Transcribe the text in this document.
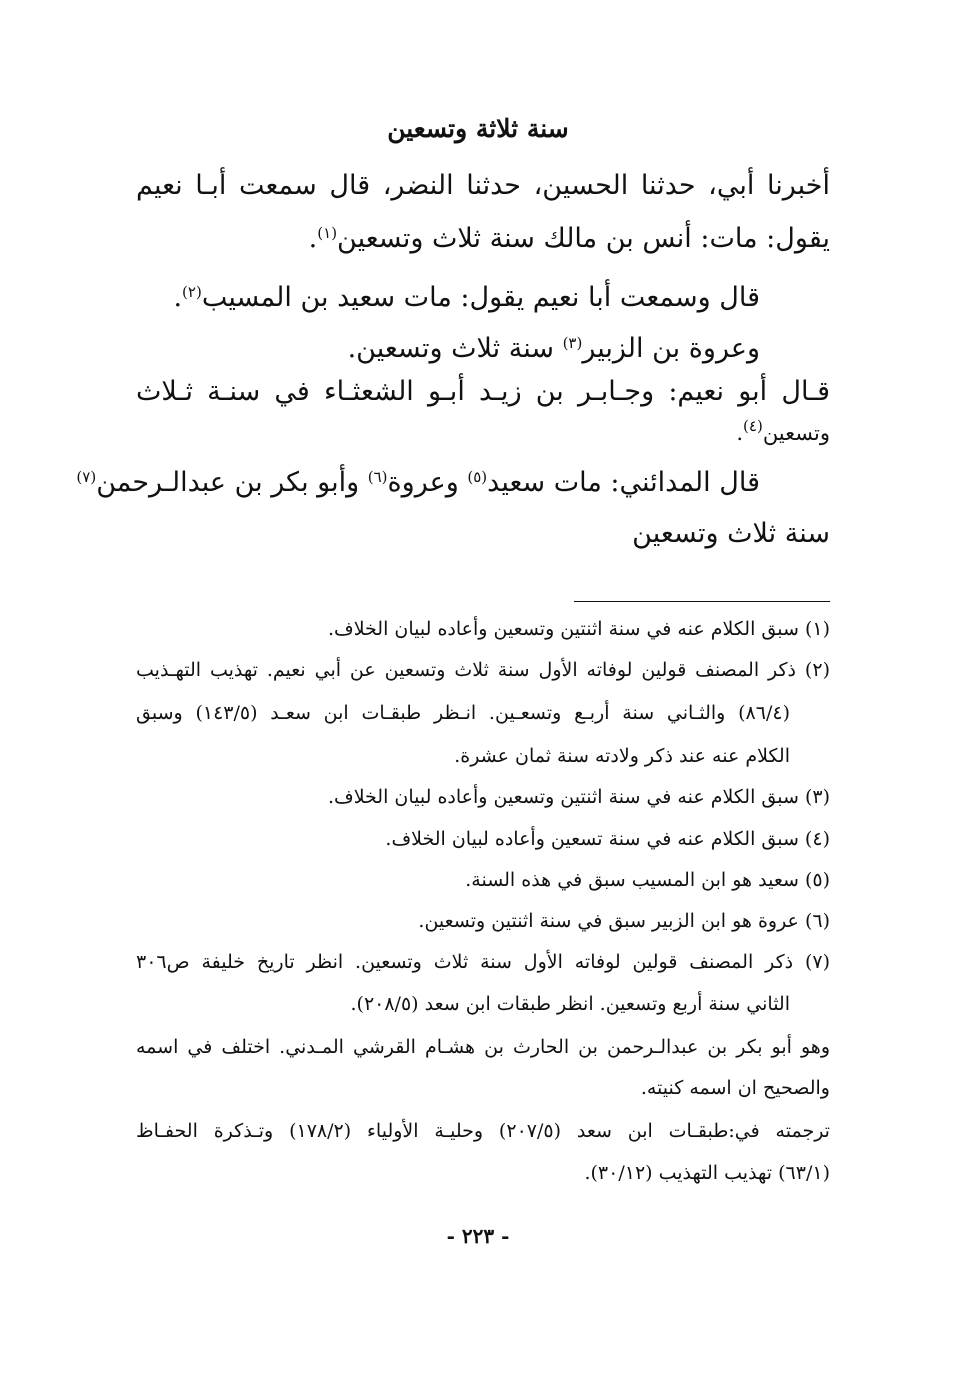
سنة ثلاثة وتسعين

أخبرنا أبي، حدثنا الحسين، حدثنا النضر، قال سمعت أبـا نعيم

يقول: مات: أنس بن مالك سنة ثلاث وتسعين$^{(١)}$.

قال وسمعت أبا نعيم يقول: مات سعيد بن المسيب$^{(٢)}$.

وعروة بن الزبير$^{(٣)}$ سنة ثلاث وتسعين.

قـال أبو نعيم: وجـابـر بن زيـد أبـو الشعثـاء في سنـة ثـلاث

وتسعين$^{(٤)}$.

قال المدائني: مات سعيد$^{(٥)}$ وعروة$^{(٦)}$ وأبو بكر بن عبدالـرحمن$^{(٧)}$

سنة ثلاث وتسعين

(١) سبق الكلام عنه في سنة اثنتين وتسعين وأعاده لبيان الخلاف.

(٢) ذكر المصنف قولين لوفاته الأول سنة ثلاث وتسعين عن أبي نعيم. تهذيب التهـذيب

(٨٦/٤) والثـاني سنة أربـع وتسعـين. انـظر طبقـات ابن سعـد (١٤٣/٥) وسبق

الكلام عنه عند ذكر ولادته سنة ثمان عشرة.

(٣) سبق الكلام عنه في سنة اثنتين وتسعين وأعاده لبيان الخلاف.

(٤) سبق الكلام عنه في سنة تسعين وأعاده لبيان الخلاف.

(٥) سعيد هو ابن المسيب سبق في هذه السنة.

(٦) عروة هو ابن الزبير سبق في سنة اثنتين وتسعين.

(٧) ذكر المصنف قولين لوفاته الأول سنة ثلاث وتسعين. انظر تاريخ خليفة ص٣٠٦

الثاني سنة أربع وتسعين. انظر طبقات ابن سعد (٢٠٨/٥).

وهو أبو بكر بن عبدالـرحمن بن الحارث بن هشـام القرشي المـدني. اختلف في اسمه

والصحيح ان اسمه كنيته.

ترجمته في:طبقـات ابن سعد (٢٠٧/٥) وحليـة الأولياء (١٧٨/٢) وتـذكرة الحفـاظ

(٦٣/١) تهذيب التهذيب (٣٠/١٢).

- ٢٢٣ -
